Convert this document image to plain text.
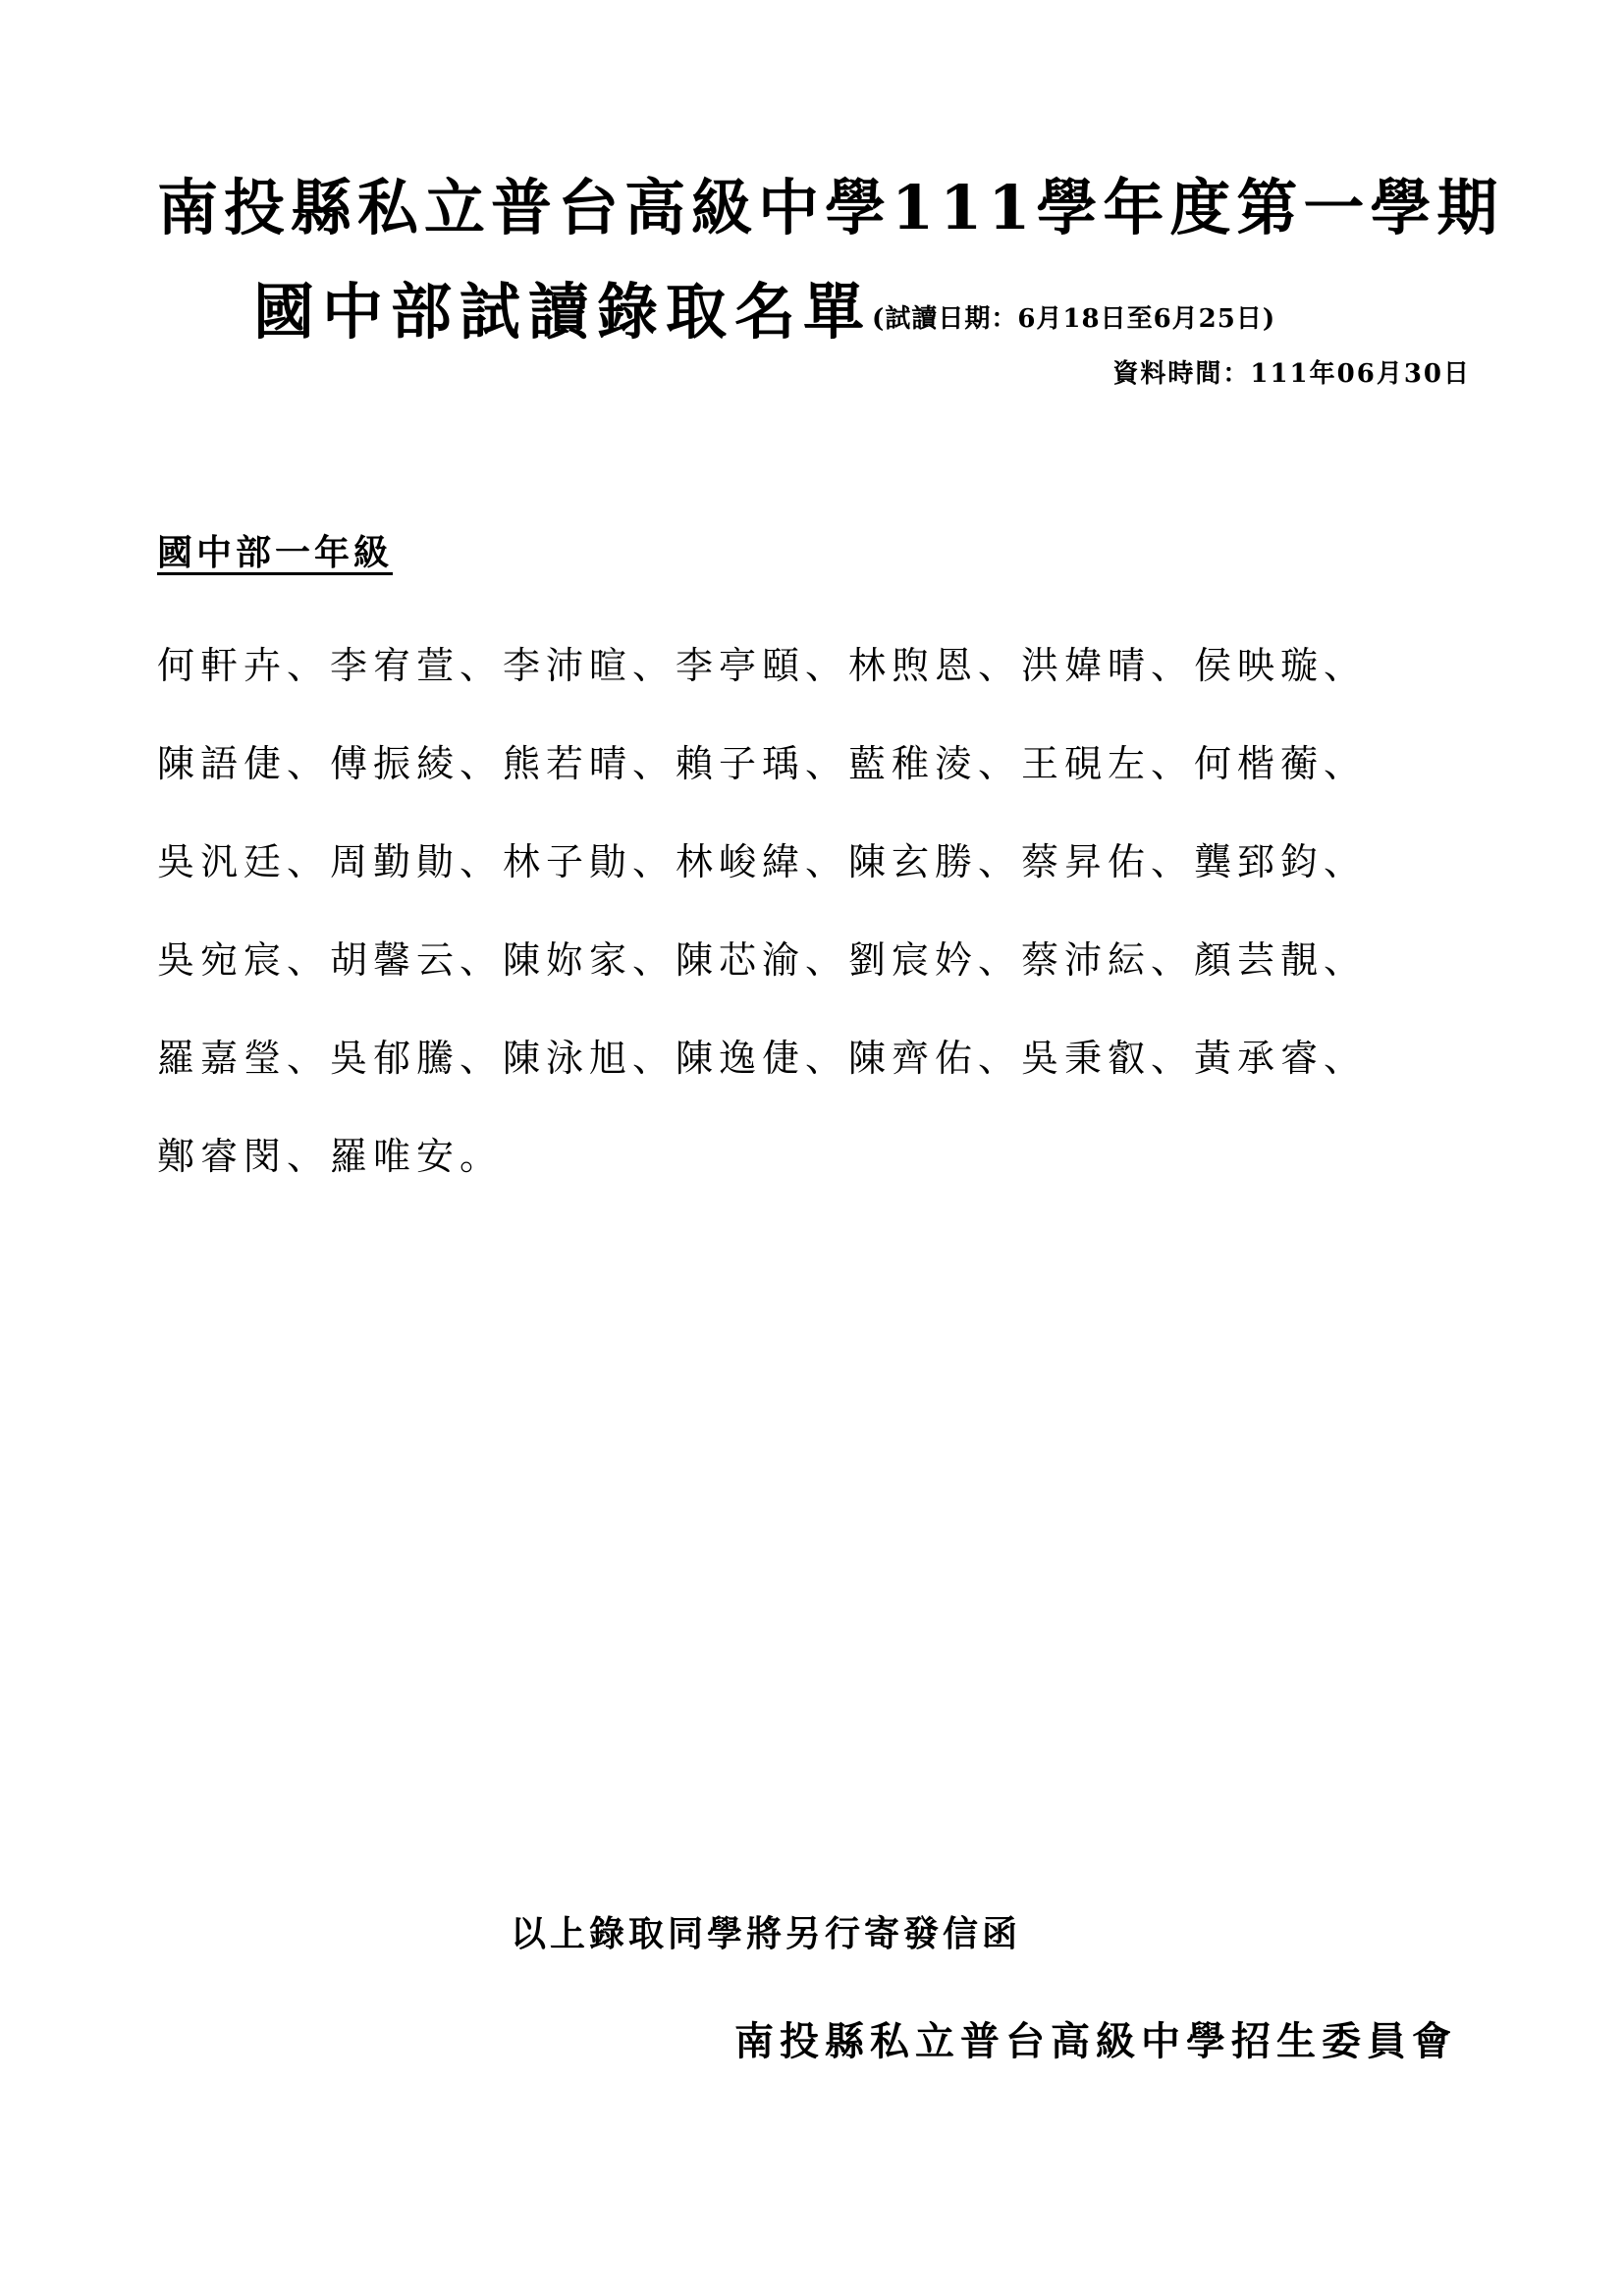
南投縣私立普台高級中學111學年度第一學期
國中部試讀錄取名單(試讀日期：6月18日至6月25日)
資料時間：111年06月30日
國中部一年級
何軒卉、李宥萱、李沛暄、李亭頤、林煦恩、洪媁晴、侯映璇、
陳語倢、傅振綾、熊若晴、賴子瑀、藍稚淩、王硯左、何楷蘅、
吳汎廷、周勤勛、林子勛、林峻緯、陳玄勝、蔡昇佑、龔郅鈞、
吳宛宸、胡馨云、陳妳家、陳芯渝、劉宸妗、蔡沛紜、顏芸靚、
羅嘉瑩、吳郁騰、陳泳旭、陳逸倢、陳齊佑、吳秉叡、黃承睿、
鄭睿閔、羅唯安。
以上錄取同學將另行寄發信函
南投縣私立普台高級中學招生委員會
